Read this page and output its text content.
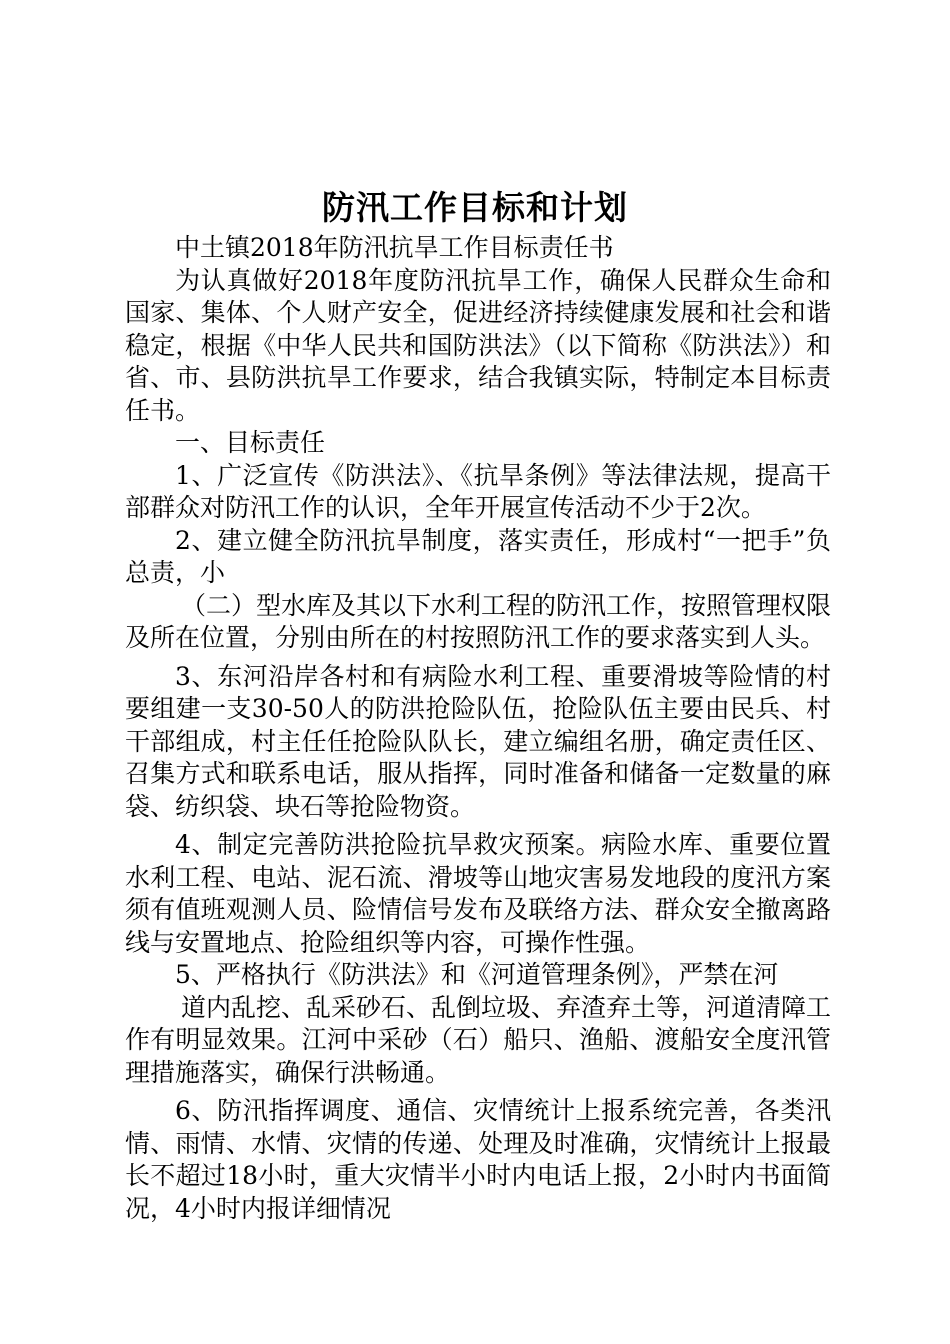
防汛工作目标和计划

中土镇2018年防汛抗旱工作目标责任书

为认真做好2018年度防汛抗旱工作，确保人民群众生命和国家、集体、个人财产安全，促进经济持续健康发展和社会和谐稳定，根据《中华人民共和国防洪法》（以下简称《防洪法》）和省、市、县防洪抗旱工作要求，结合我镇实际，特制定本目标责任书。

一、目标责任

1、广泛宣传《防洪法》、《抗旱条例》等法律法规，提高干部群众对防汛工作的认识，全年开展宣传活动不少于2次。

2、建立健全防汛抗旱制度，落实责任，形成村“一把手”负总责，小

（二）型水库及其以下水利工程的防汛工作，按照管理权限及所在位置，分别由所在的村按照防汛工作的要求落实到人头。

3、东河沿岸各村和有病险水利工程、重要滑坡等险情的村要组建一支30-50人的防洪抢险队伍，抢险队伍主要由民兵、村干部组成，村主任任抢险队队长，建立编组名册，确定责任区、召集方式和联系电话，服从指挥，同时准备和储备一定数量的麻袋、纺织袋、块石等抢险物资。

4、制定完善防洪抢险抗旱救灾预案。病险水库、重要位置水利工程、电站、泥石流、滑坡等山地灾害易发地段的度汛方案须有值班观测人员、险情信号发布及联络方法、群众安全撤离路线与安置地点、抢险组织等内容，可操作性强。

5、严格执行《防洪法》和《河道管理条例》，严禁在河

道内乱挖、乱采砂石、乱倒垃圾、弃渣弃土等，河道清障工作有明显效果。江河中采砂（石）船只、渔船、渡船安全度汛管理措施落实，确保行洪畅通。

6、防汛指挥调度、通信、灾情统计上报系统完善，各类汛情、雨情、水情、灾情的传递、处理及时准确，灾情统计上报最长不超过18小时，重大灾情半小时内电话上报，2小时内书面简况，4小时内报详细情况
